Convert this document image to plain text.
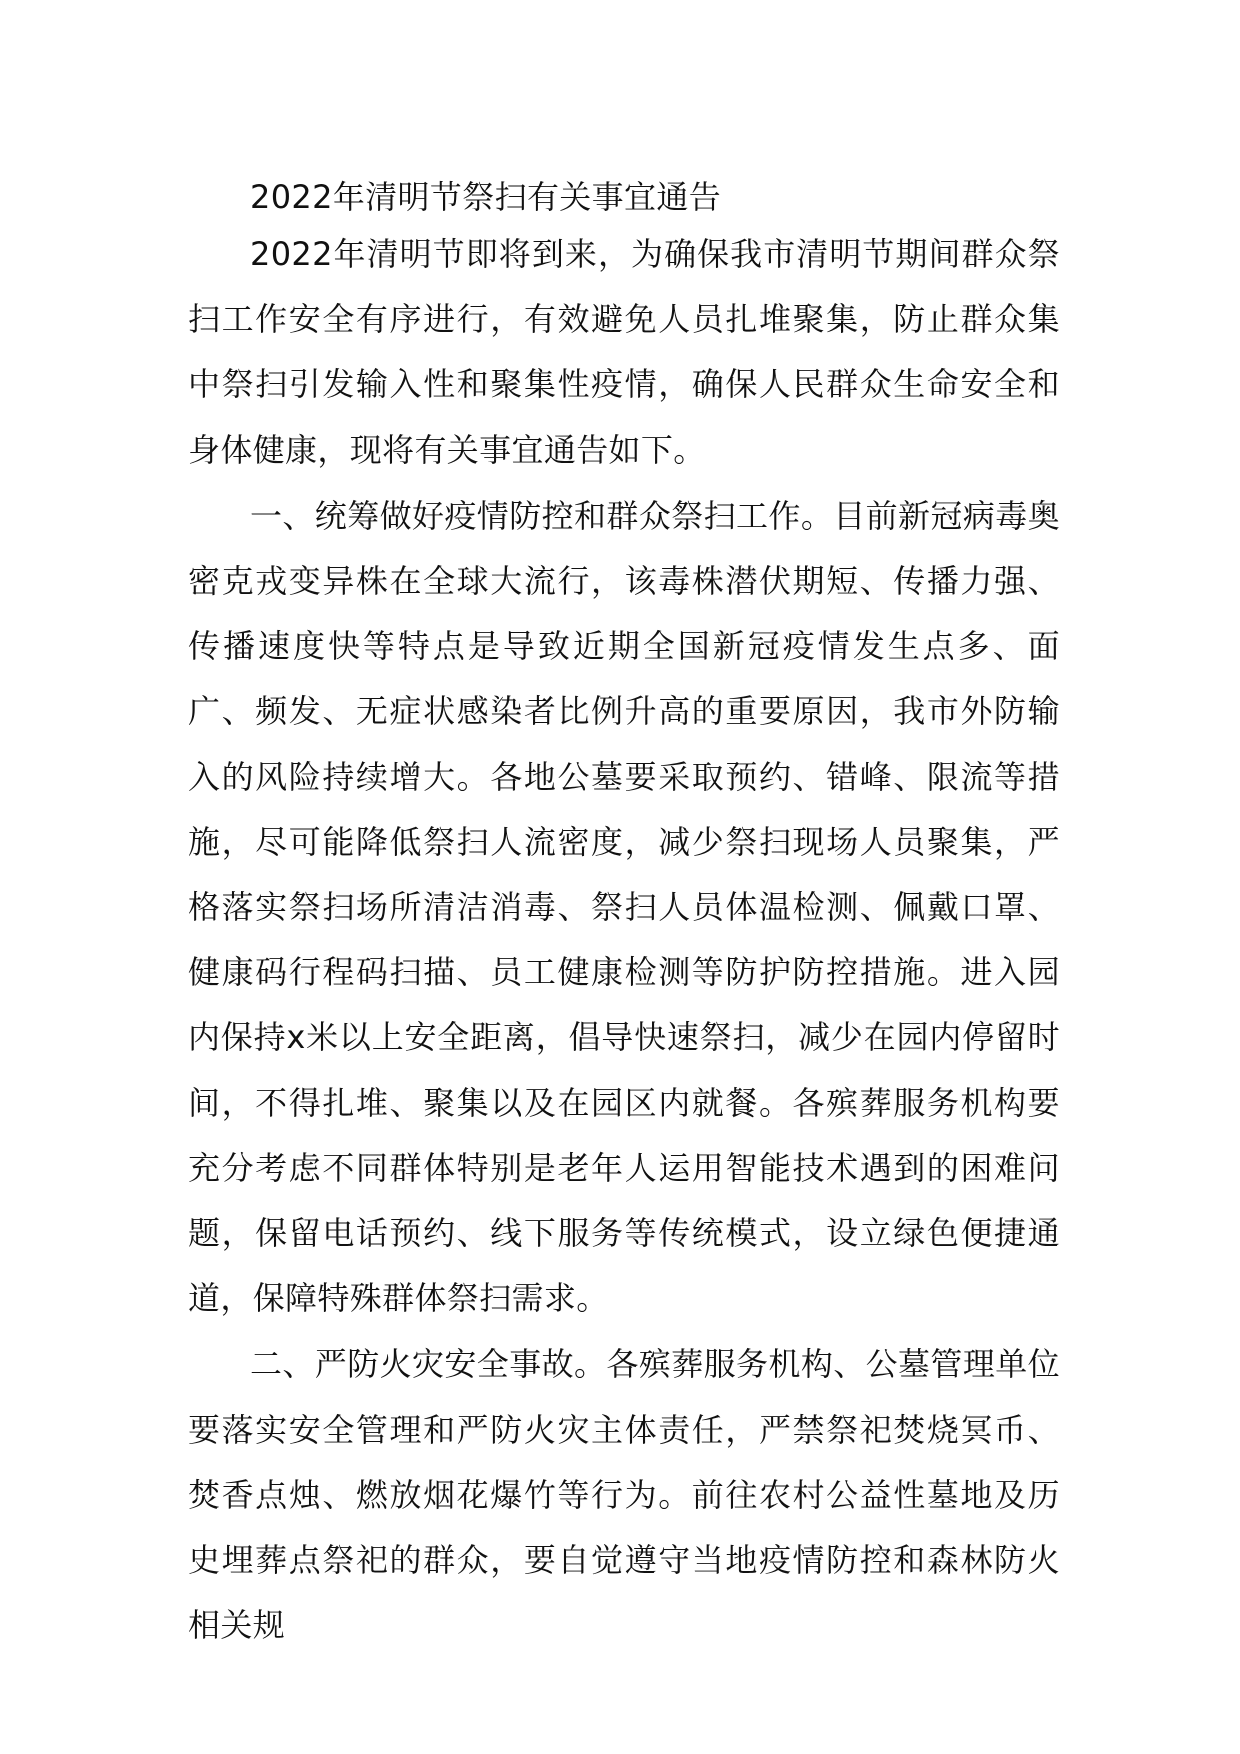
2022年清明节祭扫有关事宜通告

2022年清明节即将到来，为确保我市清明节期间群众祭扫工作安全有序进行，有效避免人员扎堆聚集，防止群众集中祭扫引发输入性和聚集性疫情，确保人民群众生命安全和身体健康，现将有关事宜通告如下。

一、统筹做好疫情防控和群众祭扫工作。目前新冠病毒奥密克戎变异株在全球大流行，该毒株潜伏期短、传播力强、传播速度快等特点是导致近期全国新冠疫情发生点多、面广、频发、无症状感染者比例升高的重要原因，我市外防输入的风险持续增大。各地公墓要采取预约、错峰、限流等措施，尽可能降低祭扫人流密度，减少祭扫现场人员聚集，严格落实祭扫场所清洁消毒、祭扫人员体温检测、佩戴口罩、健康码行程码扫描、员工健康检测等防护防控措施。进入园内保持x米以上安全距离，倡导快速祭扫，减少在园内停留时间，不得扎堆、聚集以及在园区内就餐。各殡葬服务机构要充分考虑不同群体特别是老年人运用智能技术遇到的困难问题，保留电话预约、线下服务等传统模式，设立绿色便捷通道，保障特殊群体祭扫需求。

二、严防火灾安全事故。各殡葬服务机构、公墓管理单位要落实安全管理和严防火灾主体责任，严禁祭祀焚烧冥币、焚香点烛、燃放烟花爆竹等行为。前往农村公益性墓地及历史埋葬点祭祀的群众，要自觉遵守当地疫情防控和森林防火相关规
